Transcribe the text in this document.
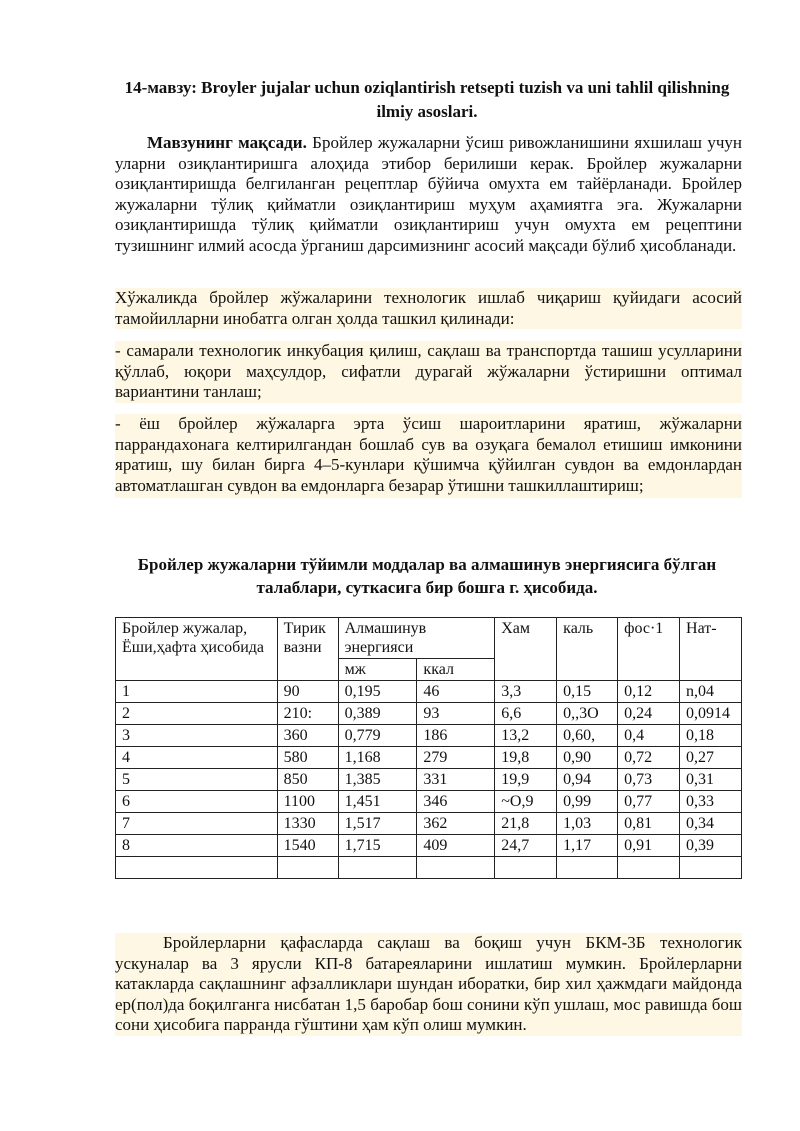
14-мавзу: Broyler jujalar uchun oziqlantirish retsepti tuzish va uni tahlil qilishning ilmiy asoslari.
Мавзунинг мақсади. Бройлер жужаларни ўсиш ривожланишини яхшилаш учун уларни озиқлантиришга алоҳида этибор берилиши керак. Бройлер жужаларни озиқлантиришда белгиланган рецептлар бўйича омухта ем тайёрланади. Бройлер жужаларни тўлиқ қийматли озиқлантириш муҳум аҳамиятга эга. Жужаларни озиқлантиришда тўлиқ қийматли озиқлантириш учун омухта ем рецептини тузишнинг илмий асосда ўрганиш дарсимизнинг асосий мақсади бўлиб ҳисобланади.
Хўжаликда бройлер жўжаларини технологик ишлаб чиқариш қуйидаги асосий тамойилларни инобатга олган ҳолда ташкил қилинади:
- самарали технологик инкубация қилиш, сақлаш ва транспортда ташиш усулларини қўллаб, юқори маҳсулдор, сифатли дурагай жўжаларни ўстиришни оптимал вариантини танлаш;
- ёш бройлер жўжаларга эрта ўсиш шароитларини яратиш, жўжаларни паррандахонага келтирилгандан бошлаб сув ва озуқага бемалол етишиш имконини яратиш, шу билан бирга 4–5-кунлари қўшимча қўйилган сувдон ва емдонлардан автоматлашган сувдон ва емдонларга безарар ўтишни ташкиллаштириш;
Бройлер жужаларни тўйимли моддалар ва алмашинув энергиясига бўлган талаблари, суткасига бир бошга г. ҳисобида.
Бройлер жужалар, Ёши,ҳафта ҳисобида	Тирик вазни	Алмашинув энергияси		Хам	каль	фос·1	Нат-
		мж	ккал				
1	90	0,195	46	3,3	0,15	0,12	n,04
2	210:	0,389	93	6,6	0,,3O	0,24	0,0914
3	360	0,779	186	13,2	0,60,	0,4	0,18
4	580	1,168	279	19,8	0,90	0,72	0,27
5	850	1,385	331	19,9	0,94	0,73	0,31
6	1100	1,451	346	~O,9	0,99	0,77	0,33
7	1330	1,517	362	21,8	1,03	0,81	0,34
8	1540	1,715	409	24,7	1,17	0,91	0,39

Бройлерларни қафасларда сақлаш ва боқиш учун БКМ-3Б технологик ускуналар ва 3 ярусли КП-8 батареяларини ишлатиш мумкин. Бройлерларни катакларда сақлашнинг афзалликлари шундан иборатки, бир хил ҳажмдаги майдонда ер(пол)да боқилганга нисбатан 1,5 баробар бош сонини кўп ушлаш, мос равишда бош сони ҳисобига парранда гўштини ҳам кўп олиш мумкин.
